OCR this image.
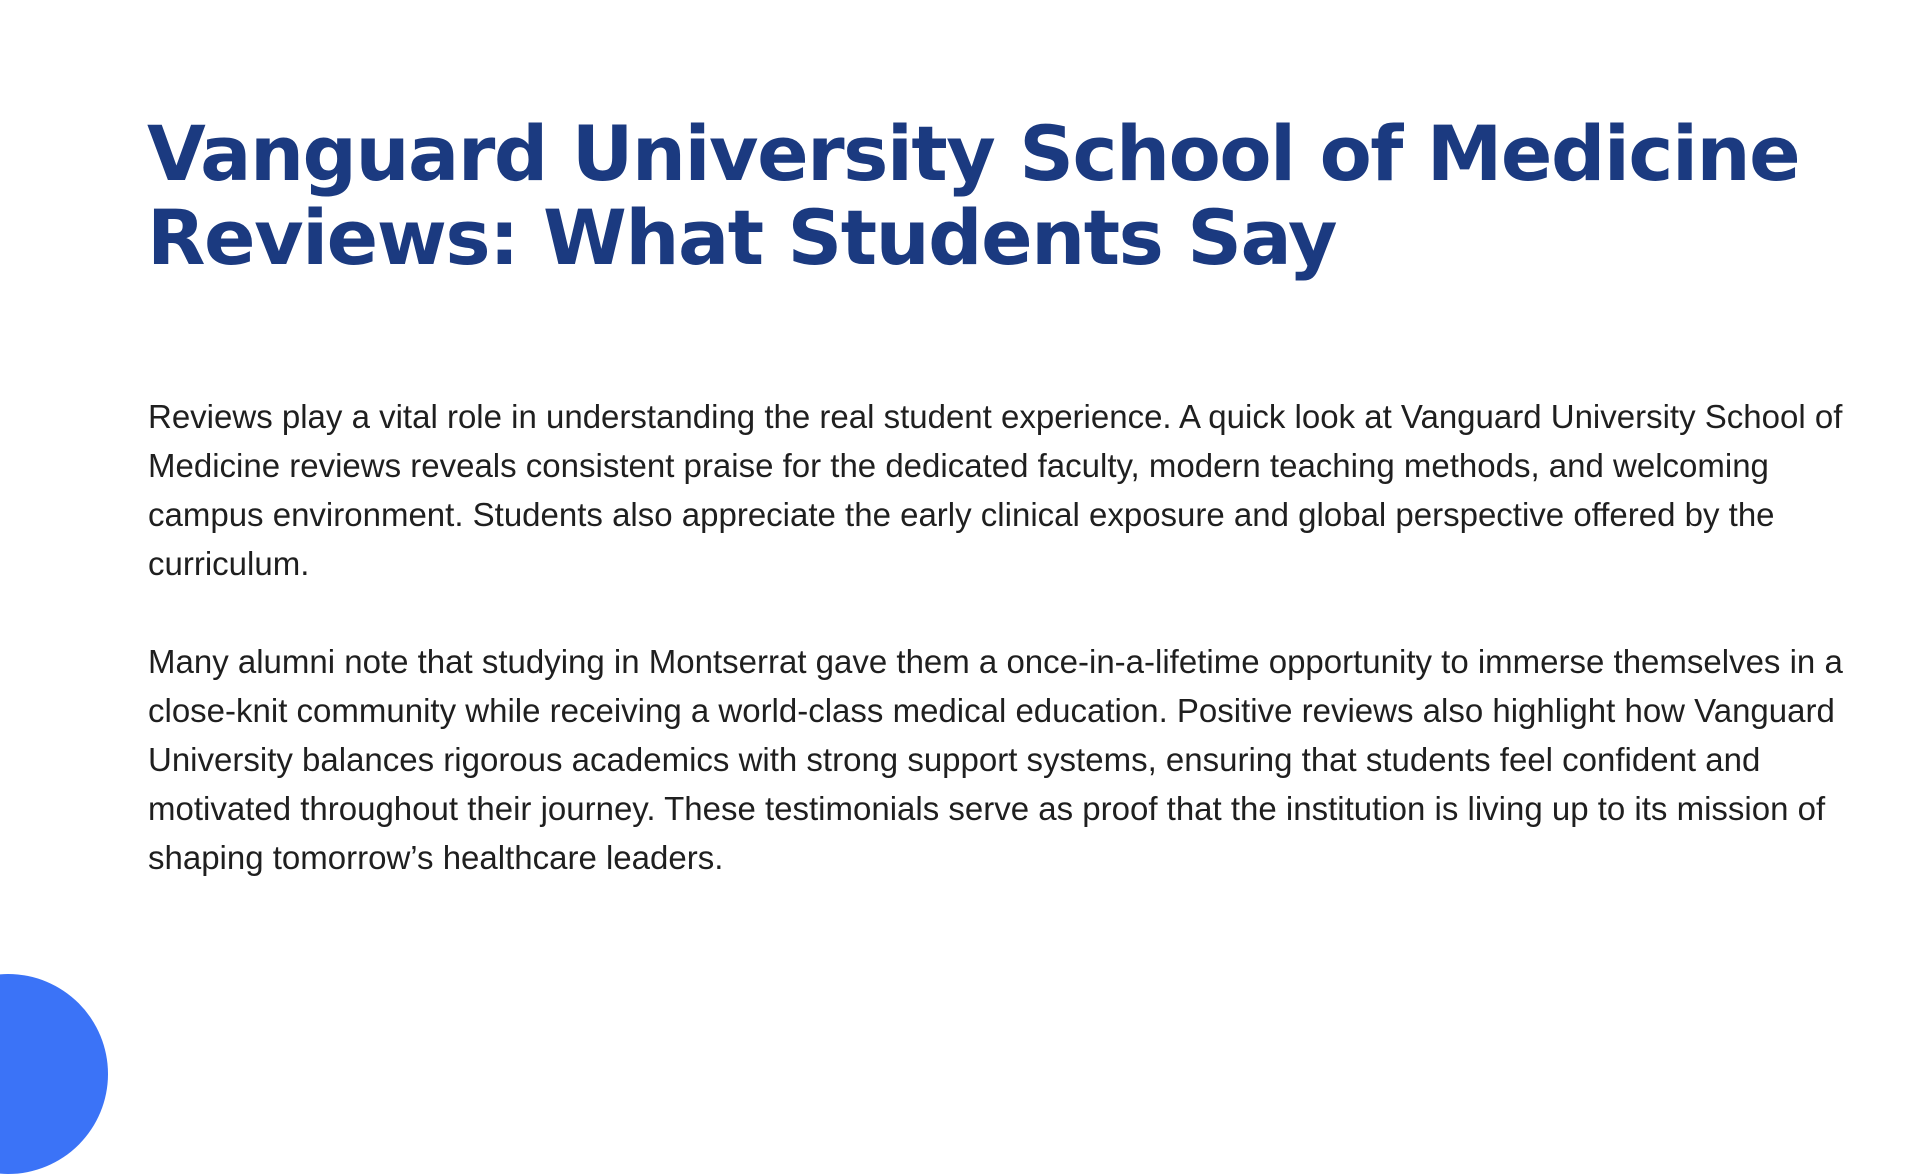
Vanguard University School of Medicine Reviews: What Students Say

Reviews play a vital role in understanding the real student experience. A quick look at Vanguard University School of Medicine reviews reveals consistent praise for the dedicated faculty, modern teaching methods, and welcoming campus environment. Students also appreciate the early clinical exposure and global perspective offered by the curriculum.

Many alumni note that studying in Montserrat gave them a once-in-a-lifetime opportunity to immerse themselves in a close-knit community while receiving a world-class medical education. Positive reviews also highlight how Vanguard University balances rigorous academics with strong support systems, ensuring that students feel confident and motivated throughout their journey. These testimonials serve as proof that the institution is living up to its mission of shaping tomorrow’s healthcare leaders.
